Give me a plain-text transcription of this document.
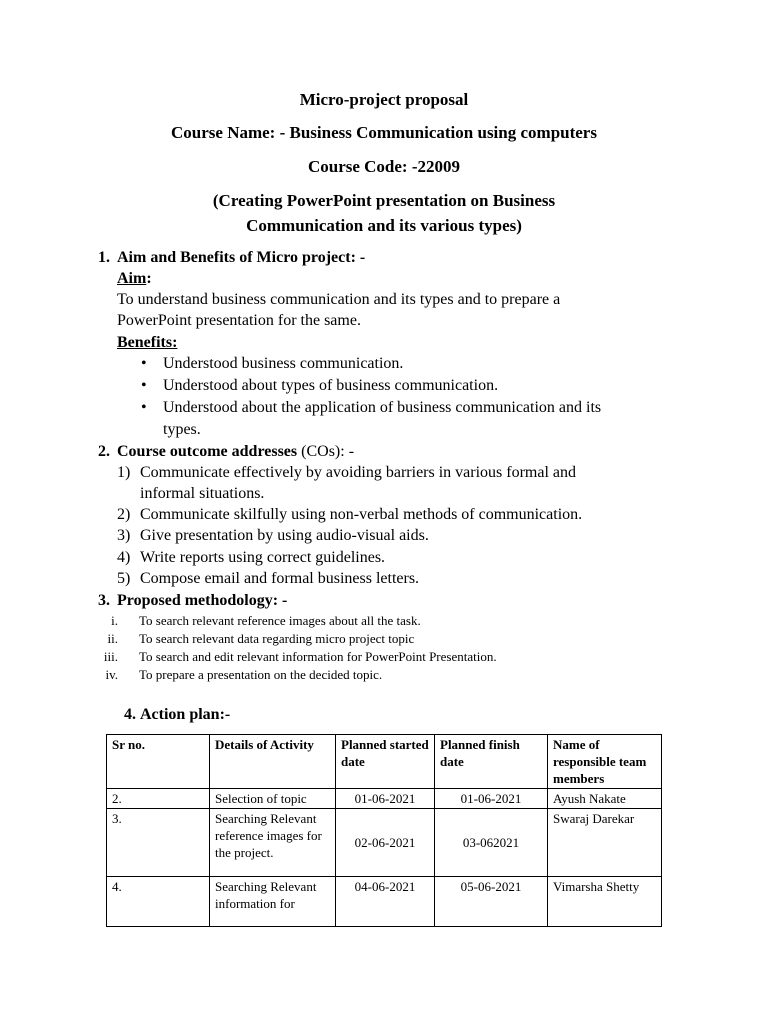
Micro-project proposal
Course Name: - Business Communication using computers
Course Code: -22009
(Creating PowerPoint presentation on Business
Communication and its various types)
1. Aim and Benefits of Micro project: -
Aim:
To understand business communication and its types and to prepare a
PowerPoint presentation for the same.
Benefits:
• Understood business communication.
• Understood about types of business communication.
• Understood about the application of business communication and its
types.
2. Course outcome addresses (COs): -
1) Communicate effectively by avoiding barriers in various formal and
informal situations.
2) Communicate skilfully using non-verbal methods of communication.
3) Give presentation by using audio-visual aids.
4) Write reports using correct guidelines.
5) Compose email and formal business letters.
3. Proposed methodology: -
i. To search relevant reference images about all the task.
ii. To search relevant data regarding micro project topic
iii. To search and edit relevant information for PowerPoint Presentation.
iv. To prepare a presentation on the decided topic.
4. Action plan:-
Sr no.	Details of Activity	Planned started date	Planned finish date	Name of responsible team members
2.	Selection of topic	01-06-2021	01-06-2021	Ayush Nakate
3.	Searching Relevant reference images for the project.	02-06-2021	03-062021	Swaraj Darekar
4.	Searching Relevant information for	04-06-2021	05-06-2021	Vimarsha Shetty
